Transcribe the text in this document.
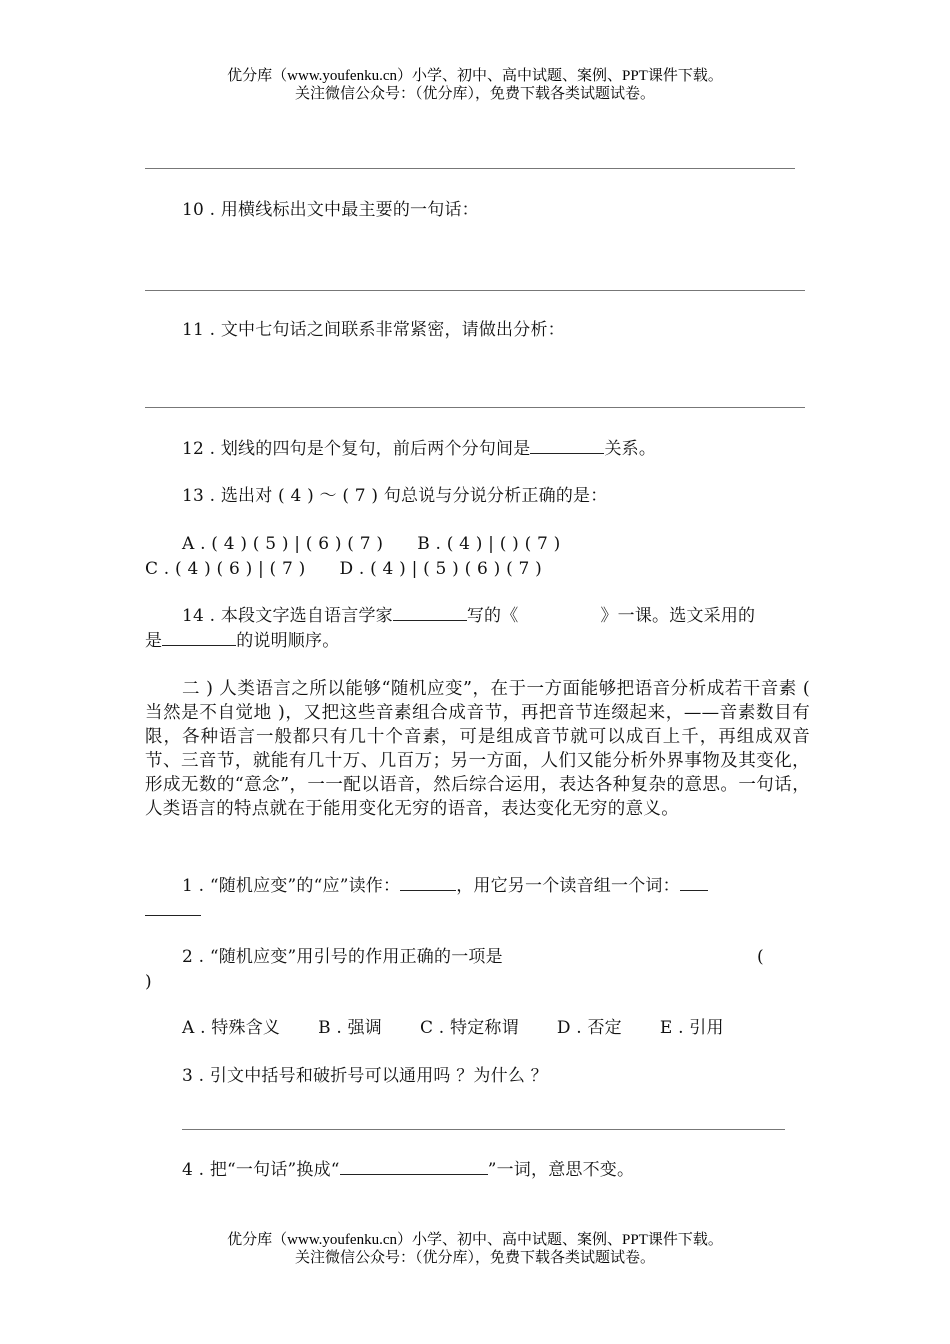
优分库（www.youfenku.cn）小学、初中、高中试题、案例、PPT课件下载。
关注微信公众号：（优分库），免费下载各类试题试卷。
10 . 用横线标出文中最主要的一句话：
11 . 文中七句话之间联系非常紧密，请做出分析：
12 . 划线的四句是个复句，前后两个分句间是	关系。
13 . 选出对 ( 4 ) ～ ( 7 ) 句总说与分说分析正确的是：
A . ( 4 ) ( 5 ) | ( 6 ) ( 7 ) B . ( 4 ) | ( ) ( 7 )
C . ( 4 ) ( 6 ) | ( 7 ) D . ( 4 ) | ( 5 ) ( 6 ) ( 7 )
14 . 本段文字选自语言学家	写的《	》一课。选文采用的
是	的说明顺序。
二 ) 人类语言之所以能够“随机应变”，在于一方面能够把语音分析成若干音素 ( 当然是不自觉地 )，又把这些音素组合成音节，再把音节连缀起来，——音素数目有限，各种语言一般都只有几十个音素，可是组成音节就可以成百上千，再组成双音节、三音节，就能有几十万、几百万；另一方面，人们又能分析外界事物及其变化，形成无数的“意念”，一一配以语音，然后综合运用，表达各种复杂的意思。一句话，人类语言的特点就在于能用变化无穷的语音，表达变化无穷的意义。
1 . “随机应变”的“应”读作：	，用它另一个读音组一个词：
2 . “随机应变”用引号的作用正确的一项是	(
)
A . 特殊含义 B . 强调 C . 特定称谓 D . 否定 E . 引用
3 . 引文中括号和破折号可以通用吗 ？为什么 ？
4 . 把“一句话”换成“	”一词，意思不变。
优分库（www.youfenku.cn）小学、初中、高中试题、案例、PPT课件下载。
关注微信公众号：（优分库），免费下载各类试题试卷。
